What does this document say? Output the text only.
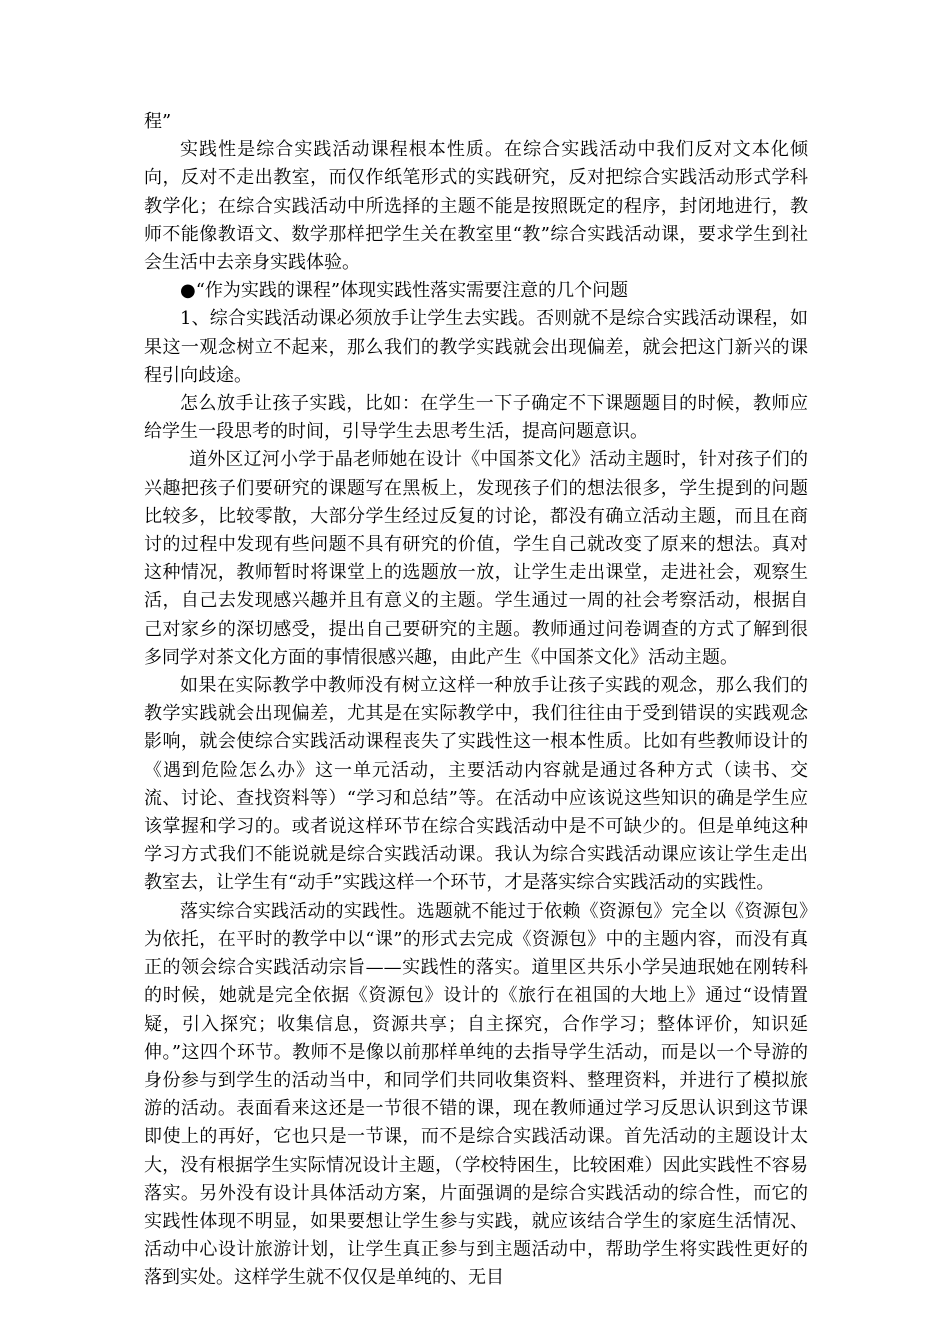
程”

实践性是综合实践活动课程根本性质。在综合实践活动中我们反对文本化倾向，反对不走出教室，而仅作纸笔形式的实践研究，反对把综合实践活动形式学科教学化；在综合实践活动中所选择的主题不能是按照既定的程序，封闭地进行，教师不能像教语文、数学那样把学生关在教室里“教”综合实践活动课，要求学生到社会生活中去亲身实践体验。

●“作为实践的课程”体现实践性落实需要注意的几个问题

1、综合实践活动课必须放手让学生去实践。否则就不是综合实践活动课程，如果这一观念树立不起来，那么我们的教学实践就会出现偏差，就会把这门新兴的课程引向歧途。

怎么放手让孩子实践，比如：在学生一下子确定不下课题题目的时候，教师应给学生一段思考的时间，引导学生去思考生活，提高问题意识。

道外区辽河小学于晶老师她在设计《中国茶文化》活动主题时，针对孩子们的兴趣把孩子们要研究的课题写在黑板上，发现孩子们的想法很多，学生提到的问题比较多，比较零散，大部分学生经过反复的讨论，都没有确立活动主题，而且在商讨的过程中发现有些问题不具有研究的价值，学生自己就改变了原来的想法。真对这种情况，教师暂时将课堂上的选题放一放，让学生走出课堂，走进社会，观察生活，自己去发现感兴趣并且有意义的主题。学生通过一周的社会考察活动，根据自己对家乡的深切感受，提出自己要研究的主题。教师通过问卷调查的方式了解到很多同学对茶文化方面的事情很感兴趣，由此产生《中国茶文化》活动主题。

如果在实际教学中教师没有树立这样一种放手让孩子实践的观念，那么我们的教学实践就会出现偏差，尤其是在实际教学中，我们往往由于受到错误的实践观念影响，就会使综合实践活动课程丧失了实践性这一根本性质。比如有些教师设计的《遇到危险怎么办》这一单元活动，主要活动内容就是通过各种方式（读书、交流、讨论、查找资料等）“学习和总结”等。在活动中应该说这些知识的确是学生应该掌握和学习的。或者说这样环节在综合实践活动中是不可缺少的。但是单纯这种学习方式我们不能说就是综合实践活动课。我认为综合实践活动课应该让学生走出教室去，让学生有“动手”实践这样一个环节，才是落实综合实践活动的实践性。

落实综合实践活动的实践性。选题就不能过于依赖《资源包》完全以《资源包》为依托，在平时的教学中以“课”的形式去完成《资源包》中的主题内容，而没有真正的领会综合实践活动宗旨——实践性的落实。道里区共乐小学吴迪珉她在刚转科的时候，她就是完全依据《资源包》设计的《旅行在祖国的大地上》通过“设情置疑，引入探究；收集信息，资源共享；自主探究，合作学习；整体评价，知识延伸。”这四个环节。教师不是像以前那样单纯的去指导学生活动，而是以一个导游的身份参与到学生的活动当中，和同学们共同收集资料、整理资料，并进行了模拟旅游的活动。表面看来这还是一节很不错的课，现在教师通过学习反思认识到这节课即使上的再好，它也只是一节课，而不是综合实践活动课。首先活动的主题设计太大，没有根据学生实际情况设计主题，（学校特困生，比较困难）因此实践性不容易落实。另外没有设计具体活动方案，片面强调的是综合实践活动的综合性，而它的实践性体现不明显，如果要想让学生参与实践，就应该结合学生的家庭生活情况、活动中心设计旅游计划，让学生真正参与到主题活动中，帮助学生将实践性更好的落到实处。这样学生就不仅仅是单纯的、无目
